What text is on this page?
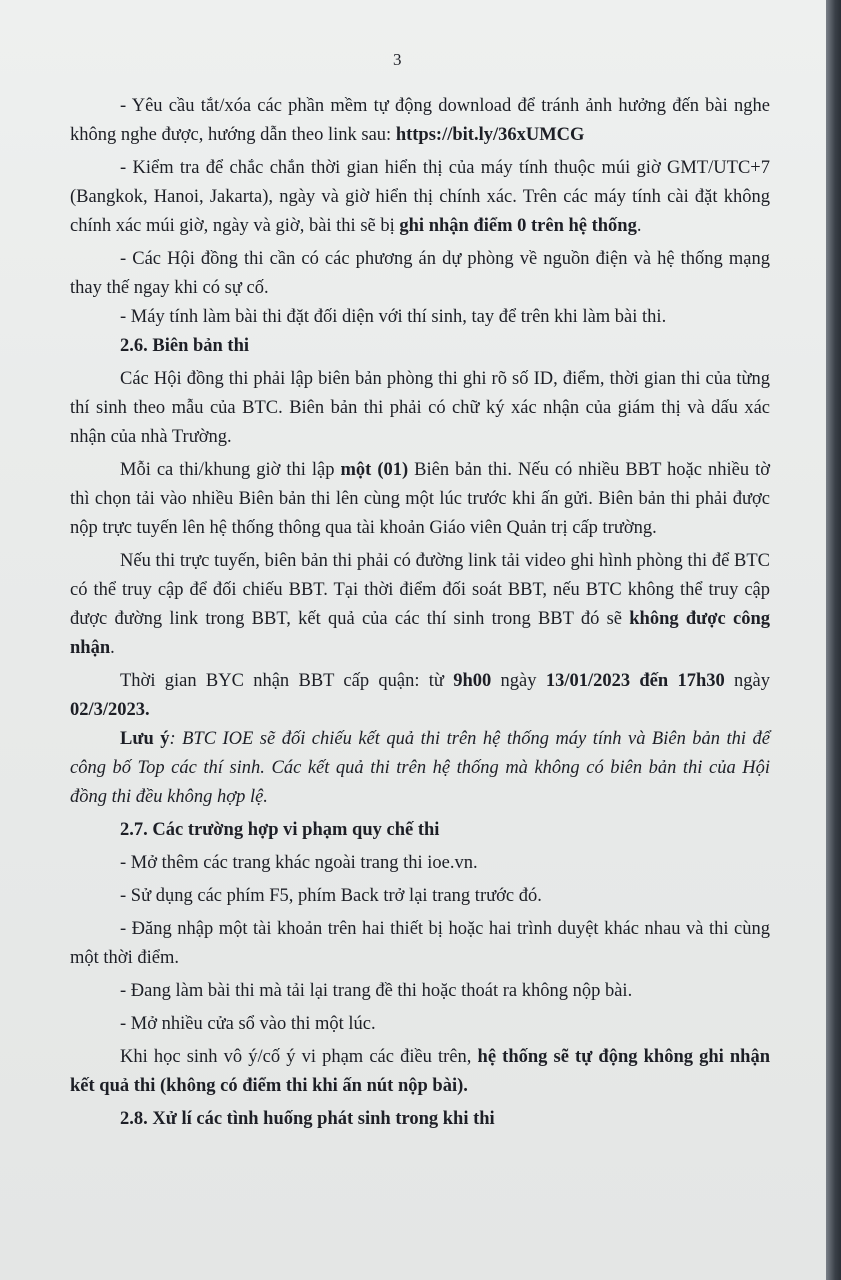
3

- Yêu cầu tắt/xóa các phần mềm tự động download để tránh ảnh hưởng đến bài nghe không nghe được, hướng dẫn theo link sau: https://bit.ly/36xUMCG

- Kiểm tra để chắc chắn thời gian hiển thị của máy tính thuộc múi giờ GMT/UTC+7 (Bangkok, Hanoi, Jakarta), ngày và giờ hiển thị chính xác. Trên các máy tính cài đặt không chính xác múi giờ, ngày và giờ, bài thi sẽ bị ghi nhận điểm 0 trên hệ thống.

- Các Hội đồng thi cần có các phương án dự phòng về nguồn điện và hệ thống mạng thay thế ngay khi có sự cố.

- Máy tính làm bài thi đặt đối diện với thí sinh, tay để trên khi làm bài thi.

2.6. Biên bản thi

Các Hội đồng thi phải lập biên bản phòng thi ghi rõ số ID, điểm, thời gian thi của từng thí sinh theo mẫu của BTC. Biên bản thi phải có chữ ký xác nhận của giám thị và dấu xác nhận của nhà Trường.

Mỗi ca thi/khung giờ thi lập một (01) Biên bản thi. Nếu có nhiều BBT hoặc nhiều tờ thì chọn tải vào nhiều Biên bản thi lên cùng một lúc trước khi ấn gửi. Biên bản thi phải được nộp trực tuyến lên hệ thống thông qua tài khoản Giáo viên Quản trị cấp trường.

Nếu thi trực tuyến, biên bản thi phải có đường link tải video ghi hình phòng thi để BTC có thể truy cập để đối chiếu BBT. Tại thời điểm đối soát BBT, nếu BTC không thể truy cập được đường link trong BBT, kết quả của các thí sinh trong BBT đó sẽ không được công nhận.

Thời gian BYC nhận BBT cấp quận: từ 9h00 ngày 13/01/2023 đến 17h30 ngày 02/3/2023.

Lưu ý: BTC IOE sẽ đối chiếu kết quả thi trên hệ thống máy tính và Biên bản thi để công bố Top các thí sinh. Các kết quả thi trên hệ thống mà không có biên bản thi của Hội đồng thi đều không hợp lệ.

2.7. Các trường hợp vi phạm quy chế thi

- Mở thêm các trang khác ngoài trang thi ioe.vn.

- Sử dụng các phím F5, phím Back trở lại trang trước đó.

- Đăng nhập một tài khoản trên hai thiết bị hoặc hai trình duyệt khác nhau và thi cùng một thời điểm.

- Đang làm bài thi mà tải lại trang đề thi hoặc thoát ra không nộp bài.

- Mở nhiều cửa sổ vào thi một lúc.

Khi học sinh vô ý/cố ý vi phạm các điều trên, hệ thống sẽ tự động không ghi nhận kết quả thi (không có điểm thi khi ấn nút nộp bài).

2.8. Xử lí các tình huống phát sinh trong khi thi
